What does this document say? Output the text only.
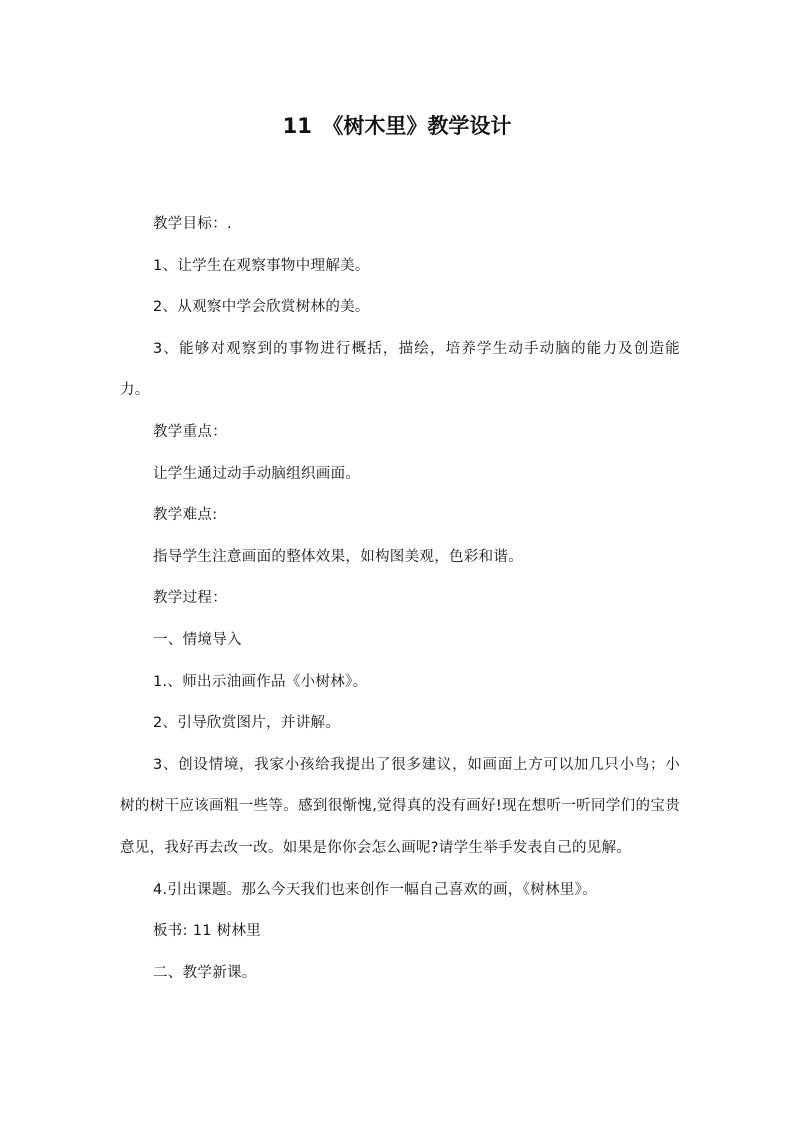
11　《树木里》教学设计

教学目标：.

1、让学生在观察事物中理解美。

2、从观察中学会欣赏树林的美。

3、能够对观察到的事物进行概括，描绘，培养学生动手动脑的能力及创造能力。

教学重点：

让学生通过动手动脑组织画面。

教学难点:

指导学生注意画面的整体效果，如构图美观，色彩和谐。

教学过程：

一、情境导入

1.、师出示油画作品《小树林》。

2、引导欣赏图片，并讲解。

3、创设情境，我家小孩给我提出了很多建议，如画面上方可以加几只小鸟；小树的树干应该画粗一些等。感到很惭愧,觉得真的没有画好!现在想听一听同学们的宝贵意见，我好再去改一改。如果是你你会怎么画呢?请学生举手发表自己的见解。

4.引出课题。那么今天我们也来创作一幅自己喜欢的画，《树林里》。

板书: 11 树林里

二、教学新课。
